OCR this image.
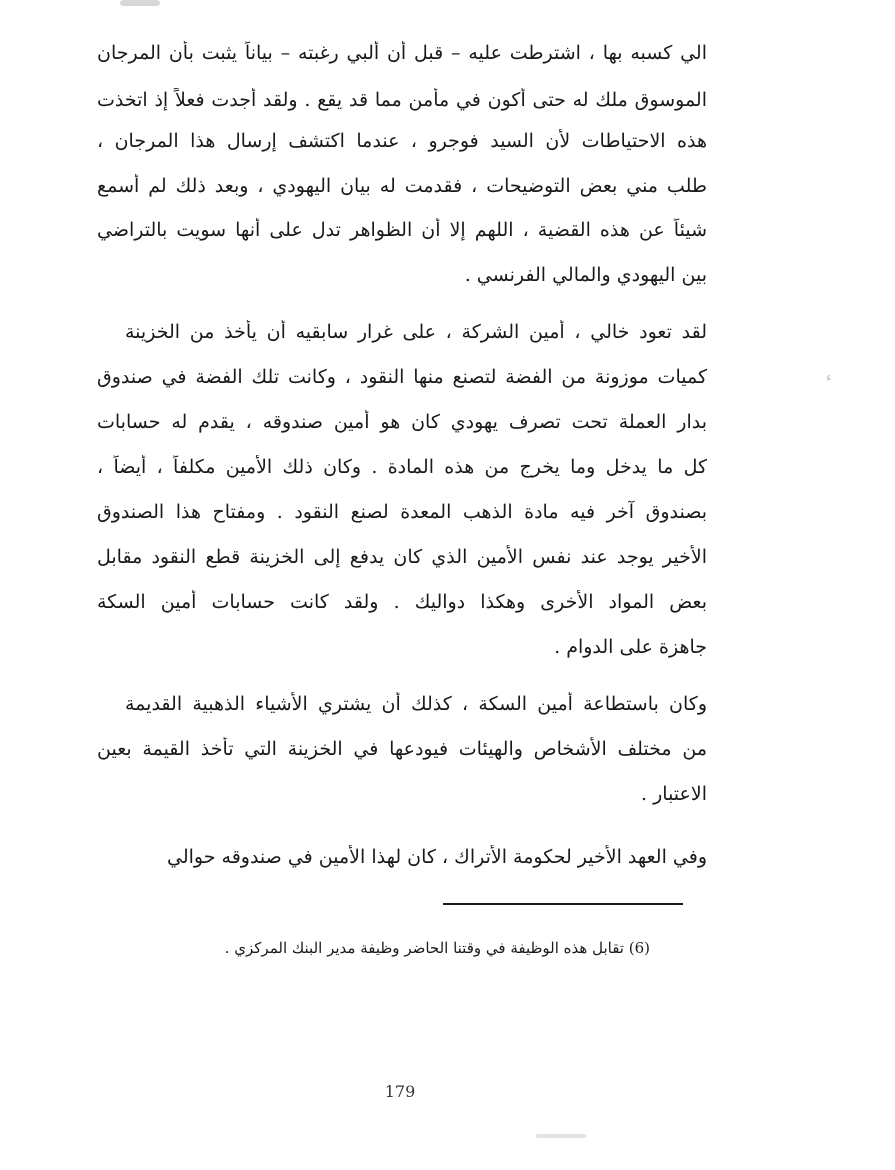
الي كسبه بها ، اشترطت عليه – قبل أن ألبي رغبته – بياناً يثبت بأن المرجان
الموسوق ملك له حتى أكون في مأمن مما قد يقع . ولقد أجدت فعلاً إذ اتخذت
هذه الاحتياطات لأن السيد فوجرو ، عندما اكتشف إرسال هذا المرجان ،
طلب مني بعض التوضيحات ، فقدمت له بيان اليهودي ، وبعد ذلك لم أسمع
شيئاً عن هذه القضية ، اللهم إلا أن الظواهر تدل على أنها سويت بالتراضي
بين اليهودي والمالي الفرنسي .
لقد تعود خالي ، أمين الشركة ، على غرار سابقيه أن يأخذ من الخزينة
كميات موزونة من الفضة لتصنع منها النقود ، وكانت تلك الفضة في صندوق
بدار العملة تحت تصرف يهودي كان هو أمين صندوقه ، يقدم له حسابات
كل ما يدخل وما يخرج من هذه المادة . وكان ذلك الأمين مكلفاً ، أيضاً ،
بصندوق آخر فيه مادة الذهب المعدة لصنع النقود . ومفتاح هذا الصندوق
الأخير يوجد عند نفس الأمين الذي كان يدفع إلى الخزينة قطع النقود مقابل
بعض المواد الأخرى وهكذا دواليك . ولقد كانت حسابات أمين السكة
جاهزة على الدوام .
ﺀ
وكان باستطاعة أمين السكة ، كذلك أن يشتري الأشياء الذهبية القديمة
من مختلف الأشخاص والهيئات فيودعها في الخزينة التي تأخذ القيمة بعين
الاعتبار .
وفي العهد الأخير لحكومة الأتراك ، كان لهذا الأمين في صندوقه حوالي
(6) تقابل هذه الوظيفة في وقتنا الحاضر وظيفة مدير البنك المركزي .
179
